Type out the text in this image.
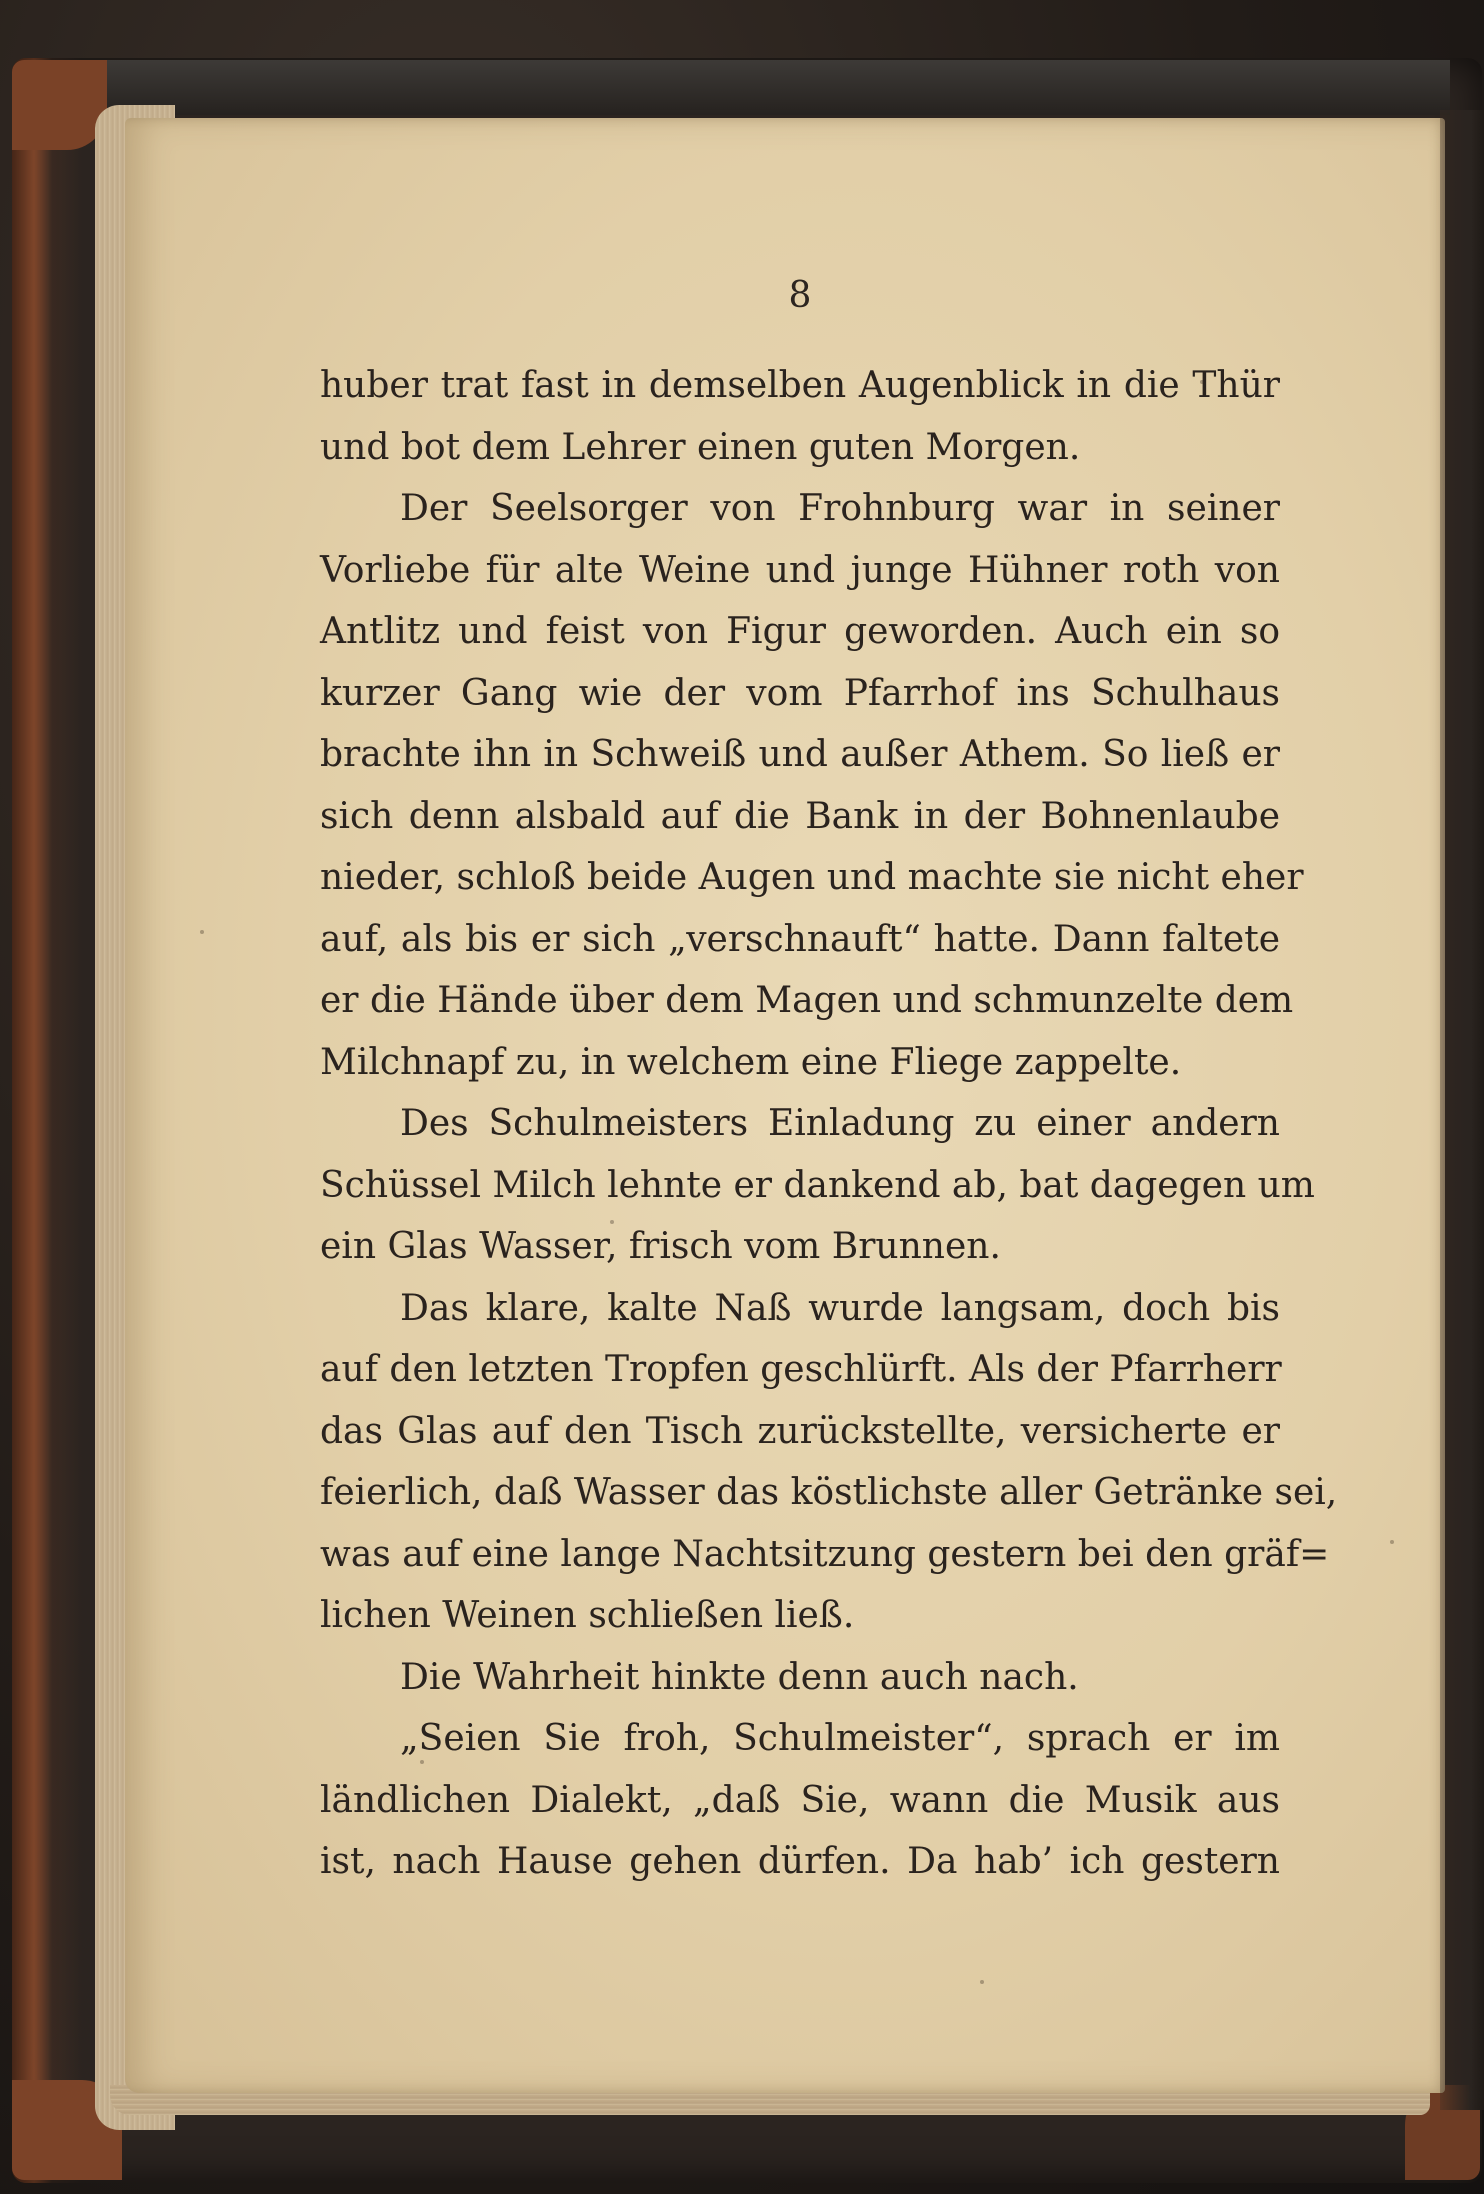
8
huber trat fast in demselben Augenblick in die Thür
und bot dem Lehrer einen guten Morgen.
Der Seelsorger von Frohnburg war in seiner
Vorliebe für alte Weine und junge Hühner roth von
Antlitz und feist von Figur geworden. Auch ein so
kurzer Gang wie der vom Pfarrhof ins Schulhaus
brachte ihn in Schweiß und außer Athem. So ließ er
sich denn alsbald auf die Bank in der Bohnenlaube
nieder, schloß beide Augen und machte sie nicht eher
auf, als bis er sich „verschnauft“ hatte. Dann faltete
er die Hände über dem Magen und schmunzelte dem
Milchnapf zu, in welchem eine Fliege zappelte.
Des Schulmeisters Einladung zu einer andern
Schüssel Milch lehnte er dankend ab, bat dagegen um
ein Glas Wasser, frisch vom Brunnen.
Das klare, kalte Naß wurde langsam, doch bis
auf den letzten Tropfen geschlürft. Als der Pfarrherr
das Glas auf den Tisch zurückstellte, versicherte er
feierlich, daß Wasser das köstlichste aller Getränke sei,
was auf eine lange Nachtsitzung gestern bei den gräf=
lichen Weinen schließen ließ.
Die Wahrheit hinkte denn auch nach.
„Seien Sie froh, Schulmeister“, sprach er im
ländlichen Dialekt, „daß Sie, wann die Musik aus
ist, nach Hause gehen dürfen. Da hab’ ich gestern
